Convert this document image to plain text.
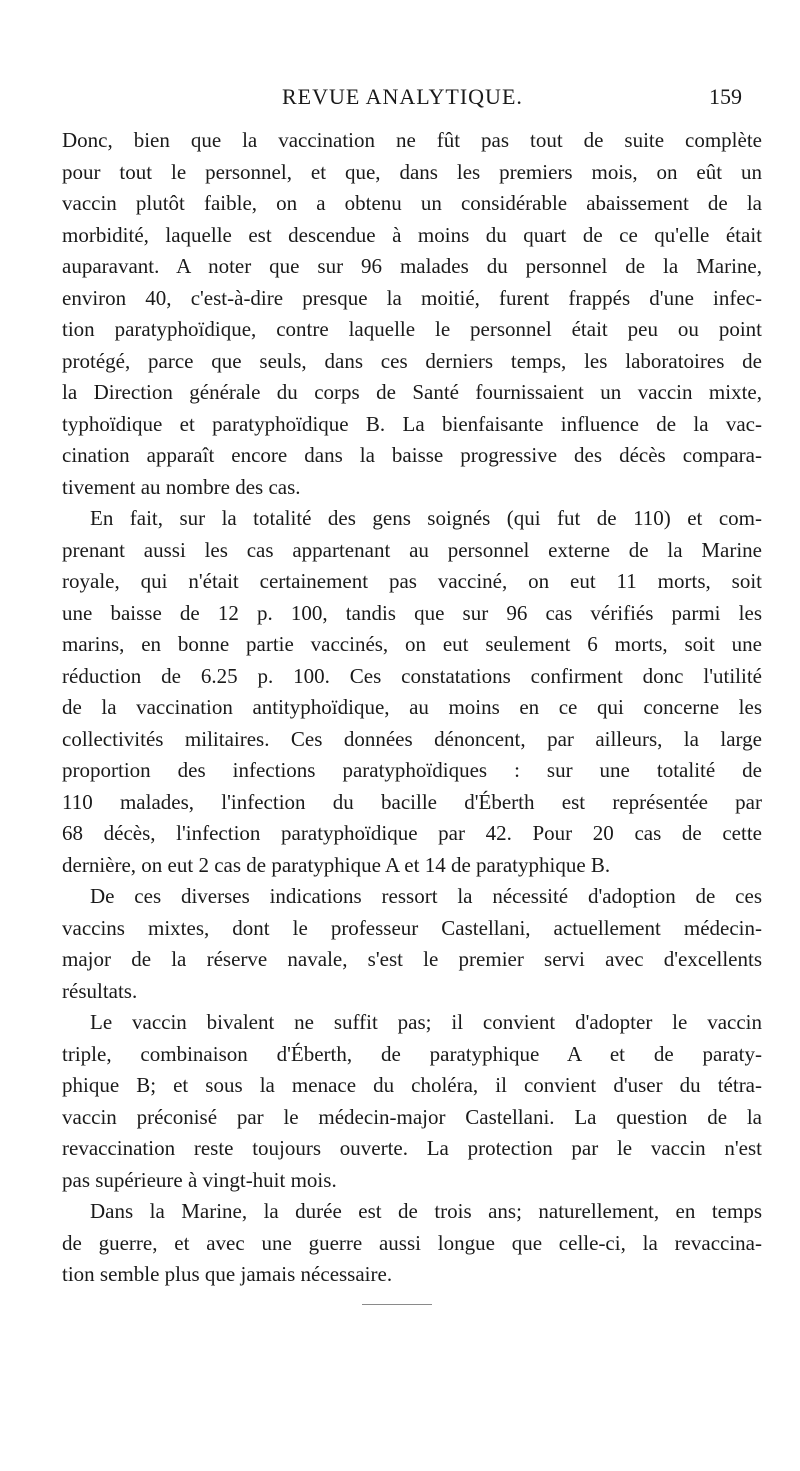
REVUE ANALYTIQUE.	159
Donc, bien que la vaccination ne fût pas tout de suite complète
pour tout le personnel, et que, dans les premiers mois, on eût un
vaccin plutôt faible, on a obtenu un considérable abaissement de la
morbidité, laquelle est descendue à moins du quart de ce qu'elle était
auparavant. A noter que sur 96 malades du personnel de la Marine,
environ 40, c'est-à-dire presque la moitié, furent frappés d'une infec-
tion paratyphoïdique, contre laquelle le personnel était peu ou point
protégé, parce que seuls, dans ces derniers temps, les laboratoires de
la Direction générale du corps de Santé fournissaient un vaccin mixte,
typhoïdique et paratyphoïdique B. La bienfaisante influence de la vac-
cination apparaît encore dans la baisse progressive des décès compara-
tivement au nombre des cas.
En fait, sur la totalité des gens soignés (qui fut de 110) et com-
prenant aussi les cas appartenant au personnel externe de la Marine
royale, qui n'était certainement pas vacciné, on eut 11 morts, soit
une baisse de 12 p. 100, tandis que sur 96 cas vérifiés parmi les
marins, en bonne partie vaccinés, on eut seulement 6 morts, soit une
réduction de 6.25 p. 100. Ces constatations confirment donc l'utilité
de la vaccination antityphoïdique, au moins en ce qui concerne les
collectivités militaires. Ces données dénoncent, par ailleurs, la large
proportion des infections paratyphoïdiques : sur une totalité de
110 malades, l'infection du bacille d'Éberth est représentée par
68 décès, l'infection paratyphoïdique par 42. Pour 20 cas de cette
dernière, on eut 2 cas de paratyphique A et 14 de paratyphique B.
De ces diverses indications ressort la nécessité d'adoption de ces
vaccins mixtes, dont le professeur Castellani, actuellement médecin-
major de la réserve navale, s'est le premier servi avec d'excellents
résultats.
Le vaccin bivalent ne suffit pas; il convient d'adopter le vaccin
triple, combinaison d'Éberth, de paratyphique A et de paraty-
phique B; et sous la menace du choléra, il convient d'user du tétra-
vaccin préconisé par le médecin-major Castellani. La question de la
revaccination reste toujours ouverte. La protection par le vaccin n'est
pas supérieure à vingt-huit mois.
Dans la Marine, la durée est de trois ans; naturellement, en temps
de guerre, et avec une guerre aussi longue que celle-ci, la revaccina-
tion semble plus que jamais nécessaire.
